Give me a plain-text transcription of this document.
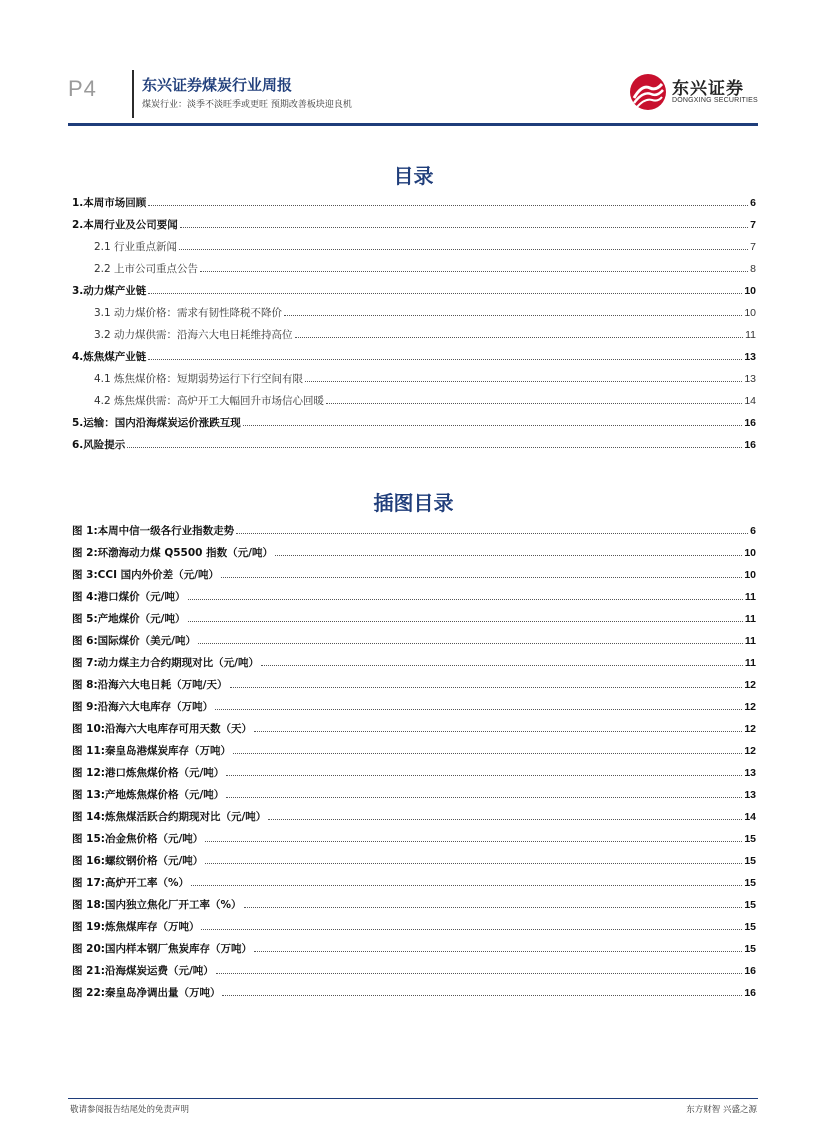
P4	东兴证券煤炭行业周报
煤炭行业：淡季不淡旺季或更旺 预期改善板块迎良机
东兴证券
DONGXING SECURITIES
目录
1.本周市场回顾	6
2.本周行业及公司要闻	7
2.1 行业重点新闻	7
2.2 上市公司重点公告	8
3.动力煤产业链	10
3.1 动力煤价格：需求有韧性降税不降价	10
3.2 动力煤供需：沿海六大电日耗维持高位	11
4.炼焦煤产业链	13
4.1 炼焦煤价格：短期弱势运行下行空间有限	13
4.2 炼焦煤供需：高炉开工大幅回升市场信心回暖	14
5.运输：国内沿海煤炭运价涨跌互现	16
6.风险提示	16
插图目录
图 1:本周中信一级各行业指数走势	6
图 2:环渤海动力煤 Q5500 指数（元/吨）	10
图 3:CCI 国内外价差（元/吨）	10
图 4:港口煤价（元/吨）	11
图 5:产地煤价（元/吨）	11
图 6:国际煤价（美元/吨）	11
图 7:动力煤主力合约期现对比（元/吨）	11
图 8:沿海六大电日耗（万吨/天）	12
图 9:沿海六大电库存（万吨）	12
图 10:沿海六大电库存可用天数（天）	12
图 11:秦皇岛港煤炭库存（万吨）	12
图 12:港口炼焦煤价格（元/吨）	13
图 13:产地炼焦煤价格（元/吨）	13
图 14:炼焦煤活跃合约期现对比（元/吨）	14
图 15:冶金焦价格（元/吨）	15
图 16:螺纹钢价格（元/吨）	15
图 17:高炉开工率（%）	15
图 18:国内独立焦化厂开工率（%）	15
图 19:炼焦煤库存（万吨）	15
图 20:国内样本钢厂焦炭库存（万吨）	15
图 21:沿海煤炭运费（元/吨）	16
图 22:秦皇岛净调出量（万吨）	16
敬请参阅报告结尾处的免责声明	东方财智 兴盛之源
